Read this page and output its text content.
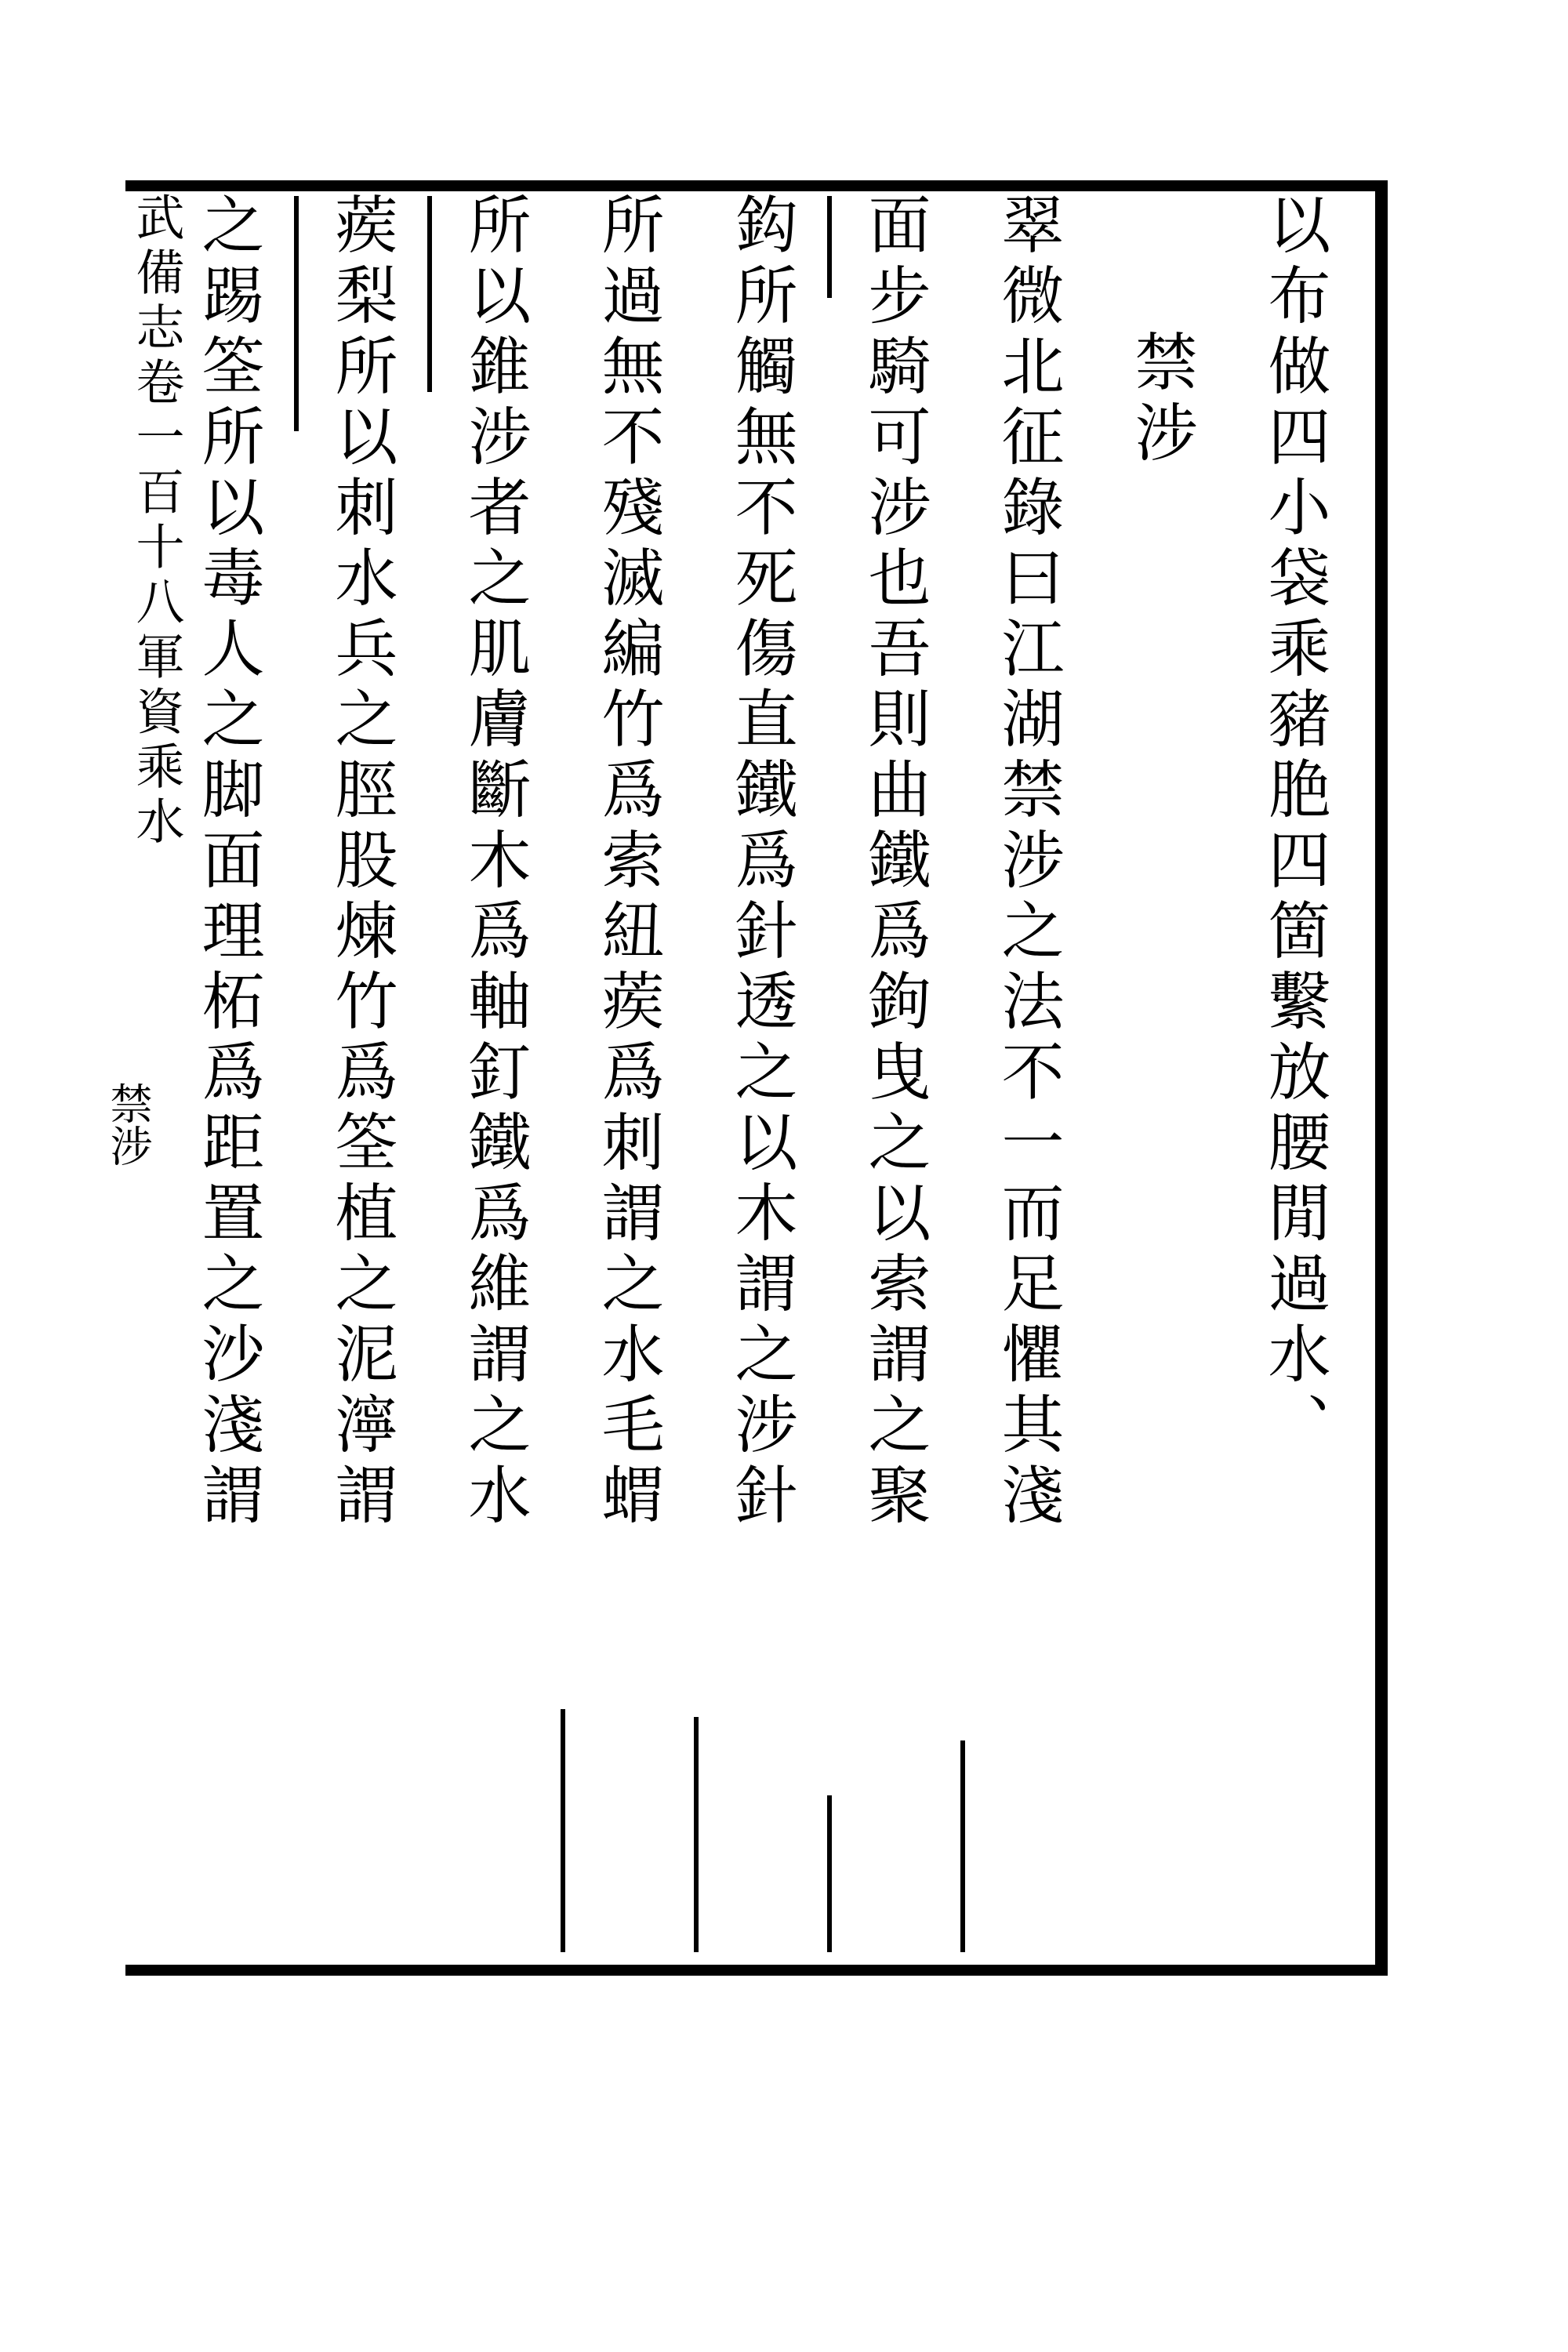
以布做四小袋乘豬脃四箇繫放腰閒過水、
禁涉
翠微北征錄曰江湖禁涉之法不一而足懼其淺
面步騎可涉也吾則曲鐵爲鉤曳之以索謂之聚
鈎所觸無不死傷直鐵爲針透之以木謂之涉針
所過無不殘滅編竹爲索紐蒺爲刺謂之水毛蝟
所以錐涉者之肌膚斷木爲軸釘鐵爲維謂之水
蒺梨所以刺水兵之脛股煉竹爲筌植之泥濘謂
之踢筌所以毒人之脚面理柘爲距置之沙淺謂
武備志卷一百十八軍資乘水
禁涉
